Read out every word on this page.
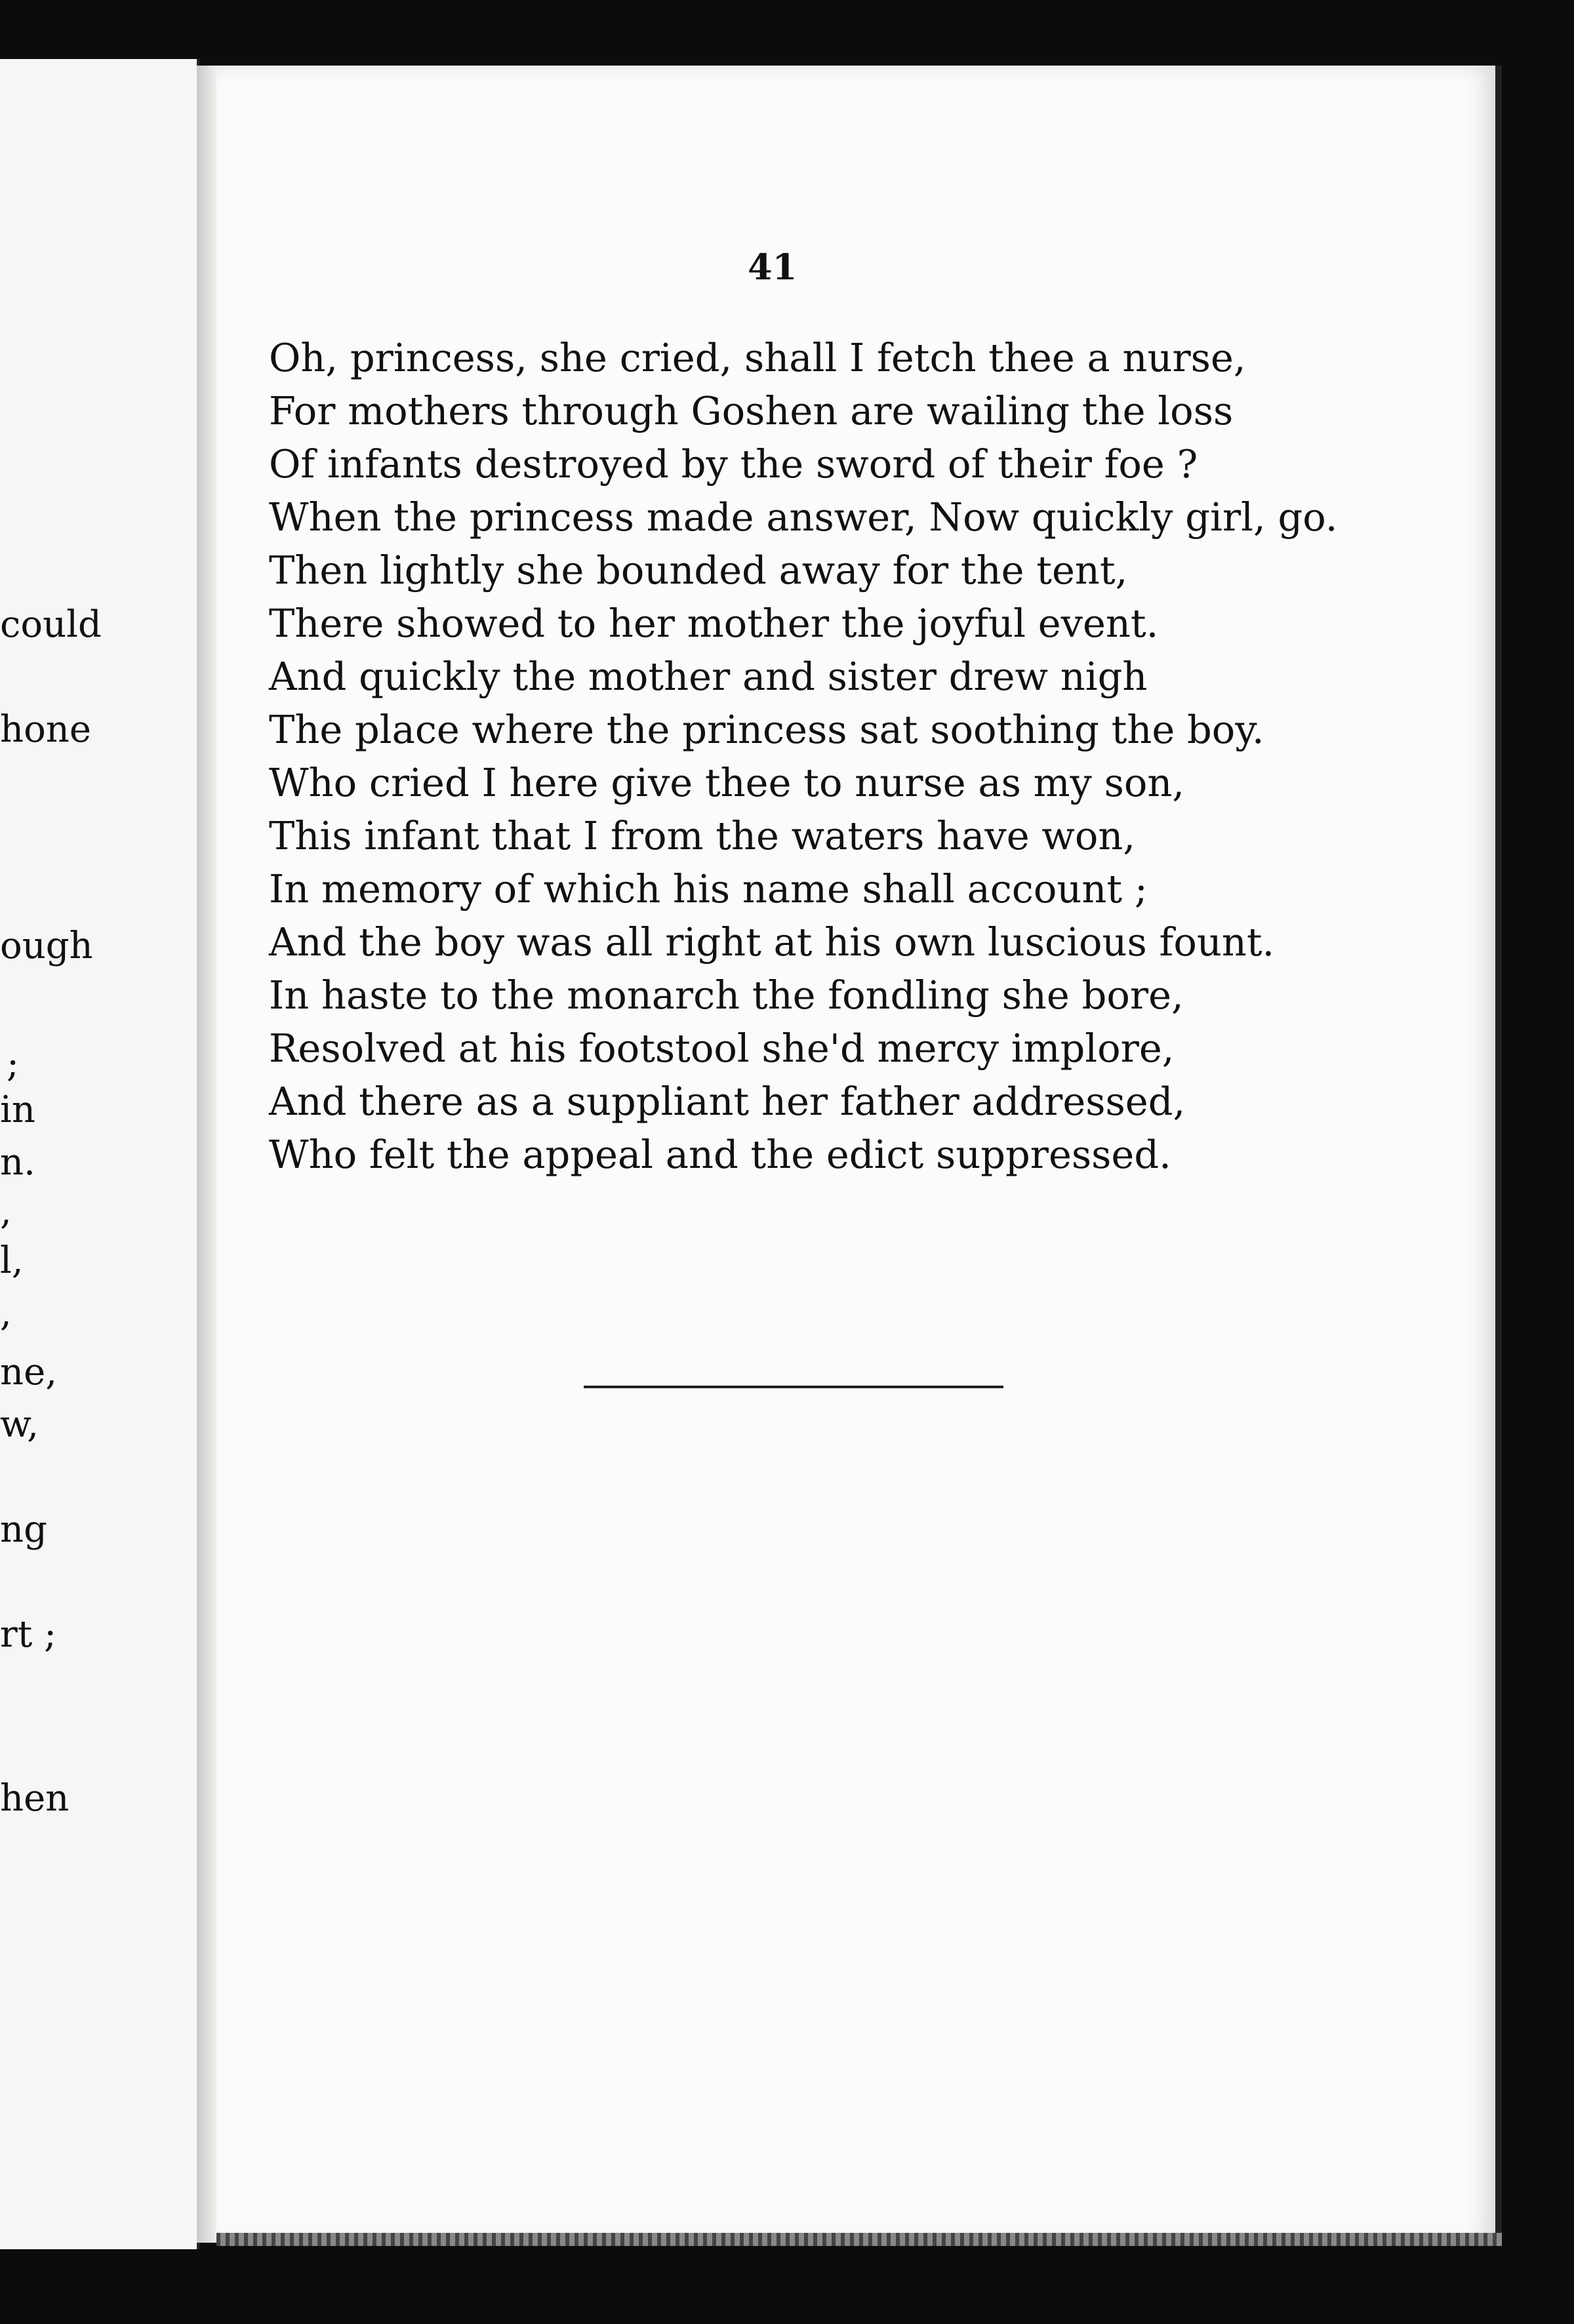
could
hone
ough
;
in
n.
,
l,
,
ne,
w,
ng
rt ;
hen
41
Oh, princess, she cried, shall I fetch thee a nurse,
For mothers through Goshen are wailing the loss
Of infants destroyed by the sword of their foe ?
When the princess made answer, Now quickly girl, go.
Then lightly she bounded away for the tent,
There showed to her mother the joyful event.
And quickly the mother and sister drew nigh
The place where the princess sat soothing the boy.
Who cried I here give thee to nurse as my son,
This infant that I from the waters have won,
In memory of which his name shall account ;
And the boy was all right at his own luscious fount.
In haste to the monarch the fondling she bore,
Resolved at his footstool she'd mercy implore,
And there as a suppliant her father addressed,
Who felt the appeal and the edict suppressed.
